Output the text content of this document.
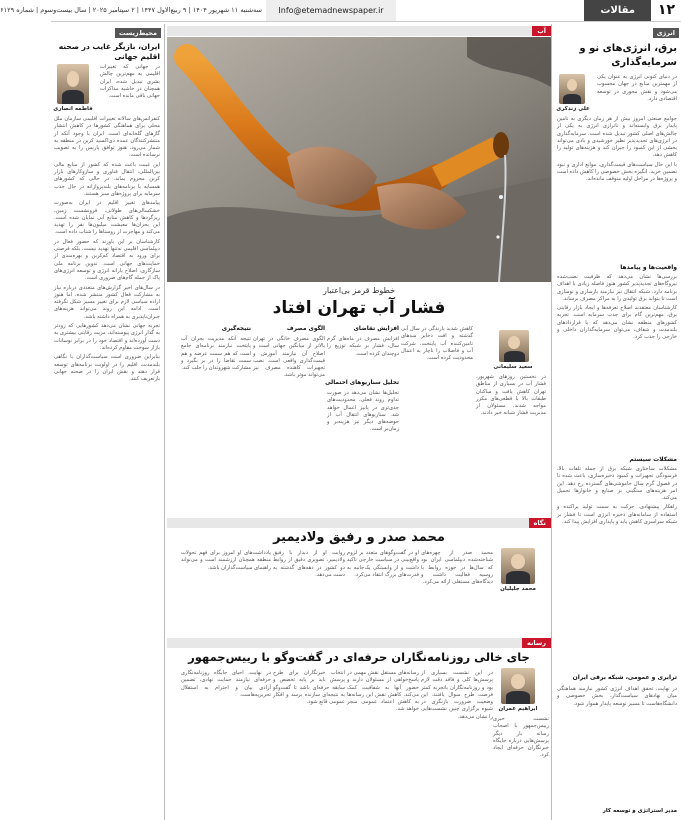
۱۲
مقالات
Info@etemadnewspaper.ir
سه‌شنبه ۱۱ شهریور ۱۴۰۴ | ۹ ربیع‌الاول ۱۴۴۷ | ۲ سپتامبر ۲۰۲۵ | سال بیست‌وسوم | شماره ۶۱۲۹
انرژی
برق، انرژی‌های نو و سرمایه‌گذاری
علی زندکری

در دنیای کنونی انرژی به عنوان یکی از مهمترین منابع در جهان محسوب می‌شود و نقش محوری در توسعه اقتصادی دارد.

جوامع صنعتی امروز بیش از هر زمان دیگری به تامین پایدار برق وابسته‌اند و ناترازی انرژی به یکی از چالش‌های اصلی کشور تبدیل شده است. سرمایه‌گذاری در انرژی‌های تجدیدپذیر نظیر خورشیدی و بادی می‌تواند بخشی از این کمبود را جبران کند و هزینه‌های تولید را کاهش دهد.

با این حال سیاست‌های قیمت‌گذاری، موانع اداری و نبود تضمین خرید، انگیزه بخش خصوصی را کاهش داده است و پروژه‌ها در مراحل اولیه متوقف مانده‌اند.

واقعیت‌ها و پیامدها

بررسی‌ها نشان می‌دهد که ظرفیت نصب‌شده نیروگاه‌های تجدیدپذیر کشور هنوز فاصله زیادی با اهداف برنامه دارد. شبکه انتقال نیز نیازمند بازسازی و نوسازی است تا بتواند برق تولیدی را به مراکز مصرف برساند.

کارشناسان معتقدند اصلاح تعرفه‌ها و ایجاد بازار رقابتی برق، مهم‌ترین گام برای جذب سرمایه است. تجربه کشورهای منطقه نشان می‌دهد که با قراردادهای بلندمدت و شفاف، می‌توان سرمایه‌گذاران داخلی و خارجی را جذب کرد.

مشکلات سیستم

مشکلات ساختاری شبکه برق از جمله تلفات بالا، فرسودگی تجهیزات و کمبود ذخیره‌سازی، باعث شده تا در فصول گرم سال خاموشی‌های گسترده رخ دهد. این امر هزینه‌های سنگینی بر صنایع و خانوارها تحمیل می‌کند.

راهکار پیشنهادی، حرکت به سمت تولید پراکنده و استفاده از سامانه‌های ذخیره انرژی است تا فشار بر شبکه سراسری کاهش یابد و پایداری افزایش پیدا کند.

ترابری و عمومی، شبکه برقی ایران

در نهایت، تحقق اهداف انرژی کشور نیازمند هماهنگی میان نهادهای سیاست‌گذار، بخش خصوصی و دانشگاه‌هاست تا مسیر توسعه پایدار هموار شود.

مدیر استراتژی و توسعه کار
محیط‌زیست
ایران، بازیگر غایب در صحنه اقلیم جهانی
فاطمه انصاری

در جهانی که تغییرات اقلیمی به مهم‌ترین چالش بشری تبدیل شده، ایران همچنان در حاشیه مذاکرات جهانی باقی مانده است.

کنفرانس‌های سالانه تغییرات اقلیمی سازمان ملل محلی برای هماهنگی کشورها در کاهش انتشار گازهای گلخانه‌ای است. ایران با وجود آنکه از منتشرکنندگان عمده دی‌اکسید کربن در منطقه به شمار می‌رود، هنوز توافق پاریس را به تصویب نرسانده است.

این غیبت باعث شده که کشور از منابع مالی بین‌المللی، انتقال فناوری و سازوکارهای بازار کربن محروم بماند. در حالی که کشورهای همسایه با برنامه‌های بلندپروازانه در حال جذب سرمایه برای پروژه‌های سبز هستند.

پیامدهای تغییر اقلیم در ایران به‌صورت خشکسالی‌های طولانی، فرونشست زمین، ریزگردها و کاهش منابع آبی نمایان شده است. این بحران‌ها معیشت میلیون‌ها نفر را تهدید می‌کند و مهاجرت از روستاها را شتاب داده است.

کارشناسان بر این باورند که حضور فعال در دیپلماسی اقلیمی نه‌تنها تهدید نیست، بلکه فرصتی برای ورود به اقتصاد کم‌کربن و بهره‌مندی از حمایت‌های جهانی است. تدوین برنامه ملی سازگاری، اصلاح یارانه انرژی و توسعه انرژی‌های پاک از جمله گام‌های ضروری است.

در سال‌های اخیر گزارش‌های متعددی درباره نیاز به مشارکت فعال کشور منتشر شده، اما هنوز اراده سیاسی لازم برای تغییر مسیر شکل نگرفته است. ادامه این روند می‌تواند هزینه‌های جبران‌ناپذیری به همراه داشته باشد.

تجربه جهانی نشان می‌دهد کشورهایی که زودتر به گذار انرژی پیوسته‌اند، مزیت رقابتی بیشتری به دست آورده‌اند و اقتصاد خود را در برابر نوسانات بازار سوخت مقاوم کرده‌اند.

بنابراین ضروری است سیاست‌گذاران با نگاهی بلندمدت، اقلیم را در اولویت برنامه‌های توسعه قرار دهند و نقش ایران را در صحنه جهانی بازتعریف کنند.

آب
خطوط قرمز بی‌اعتبار
فشار آب تهران افتاد
سعید سلیمانی

در نخستین روزهای شهریور، فشار آب در بسیاری از مناطق تهران کاهش یافت و ساکنان طبقات بالا با قطعی‌های مکرر مواجه شدند. مسئولان از مدیریت فشار شبانه خبر دادند.

کاهش شدید بارندگی در سال آبی گذشته و افت ذخایر سدهای تامین‌کننده آب پایتخت، شرکت آب و فاضلاب را ناچار به اعمال محدودیت کرده است.

افزایش تقاضای

افزایش مصرف در ماه‌های گرم سال، فشار بر شبکه توزیع را دوچندان کرده است.

تحلیل سناریوهای احتمالی

تحلیل‌ها نشان می‌دهد در صورت تداوم روند فعلی، محدودیت‌های جدی‌تری در پاییز اعمال خواهد شد. سناریوهای انتقال آب از حوضه‌های دیگر نیز هزینه‌بر و زمان‌بر است.

الگوی مصرف

الگوی مصرف خانگی در تهران بالاتر از میانگین جهانی است و اصلاح آن نیازمند آموزش و قیمت‌گذاری واقعی است. نصب تجهیزات کاهنده مصرف نیز می‌تواند موثر باشد.

نتیجه‌گیری

نتیجه آنکه مدیریت بحران آب پایتخت نیازمند برنامه‌ای جامع است که هم سمت عرضه و هم سمت تقاضا را در بر بگیرد و مشارکت شهروندان را جلب کند.

نگاه
محمد صدر و رفیق ولادیمیر
محمد جلیلیان

محمد صدر از چهره‌های شناخته‌شده دیپلماسی ایران بود که سال‌ها در حوزه روابط با روسیه فعالیت داشت و دیدگاه‌های مستقلی ارائه می‌کرد.

او در گفت‌وگوهای متعدد بر لزوم واقع‌بینی در سیاست خارجی تاکید داشت و از وابستگی یک‌جانبه به قدرت‌های بزرگ انتقاد می‌کرد.

روایت او از دیدار با رفیق ولادیمیر، تصویری دقیق از روابط دو کشور در دهه‌های گذشته به دست می‌دهد.

یادداشت‌های او امروز برای فهم تحولات منطقه همچنان ارزشمند است و می‌تواند راهنمای سیاست‌گذاران باشد.

رسانه
جای خالی روزنامه‌نگاران حرفه‌ای در گفت‌وگو با رییس‌جمهور
ابراهیم عمران

نشست خبری رییس‌جمهور با اصحاب رسانه بار دیگر پرسش‌هایی درباره جایگاه خبرنگاران حرفه‌ای ایجاد کرد.

در این نشست بسیاری از پرسش‌ها کلی و فاقد دقت لازم بود و روزنامه‌نگاران باتجربه کمتر فرصت طرح سوال یافتند. این وضعیت ضرورت بازنگری در شیوه برگزاری چنین نشست‌هایی را نشان می‌دهد.

رسانه‌های مستقل نقش مهمی در پاسخ‌خواهی از مسئولان دارند و حضور آنها به شفافیت کمک می‌کند. کاهش نقش این رسانه‌ها به کاهش اعتماد عمومی منجر خواهد شد.

انتخاب خبرنگاران برای طرح پرسش باید بر پایه تخصص و سابقه حرفه‌ای باشد تا گفت‌وگو به نتیجه‌ای سازنده برسد و افکار عمومی قانع شود.

در نهایت، احیای جایگاه روزنامه‌نگاری حرفه‌ای نیازمند حمایت نهادی، تضمین آزادی بیان و احترام به استقلال تحریریه‌هاست.
